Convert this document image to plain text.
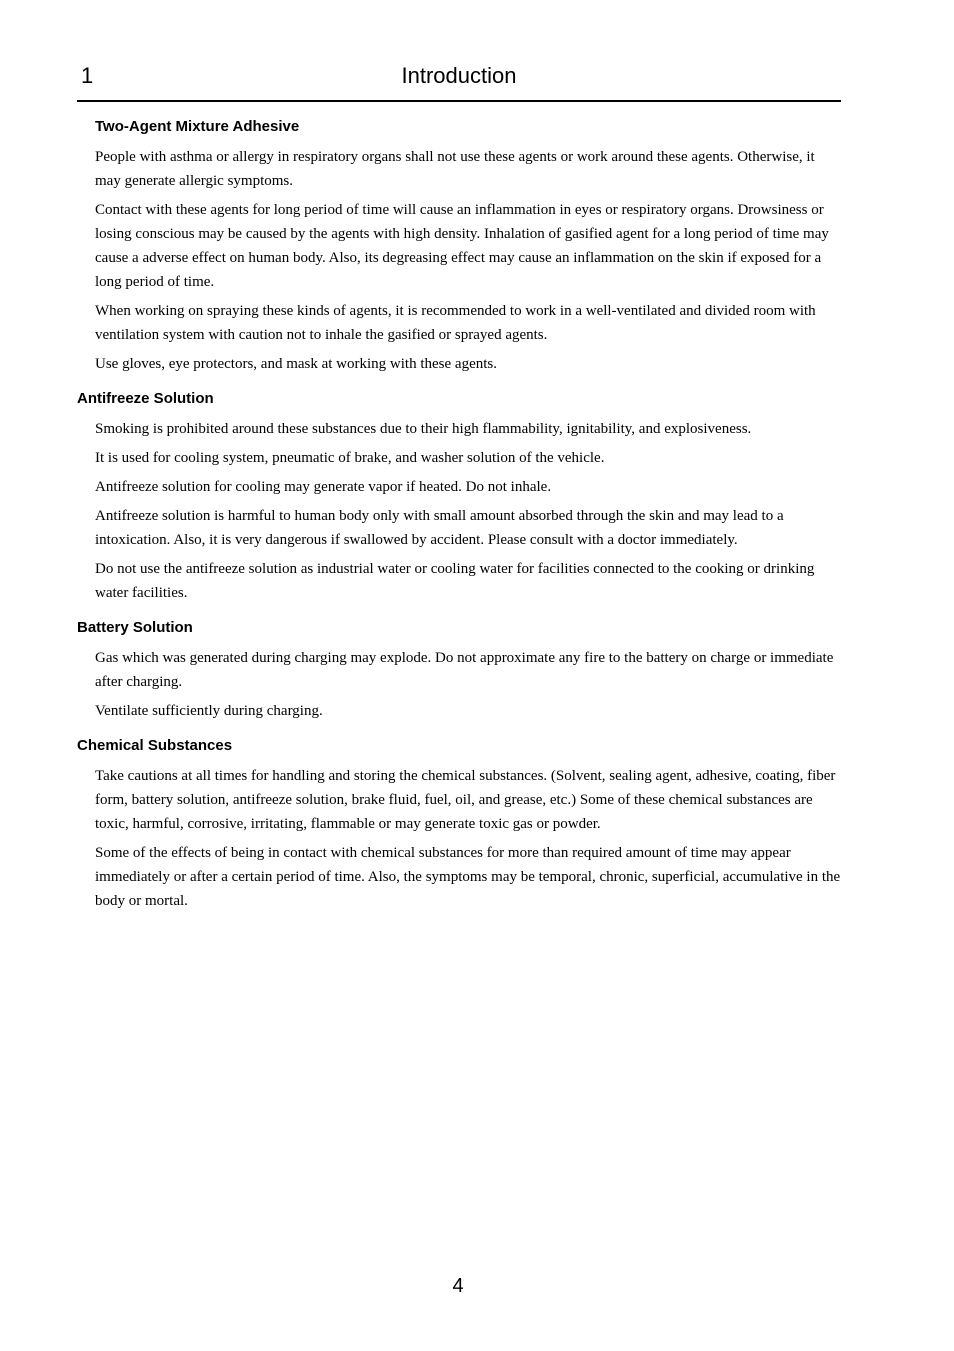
1	Introduction
Two-Agent Mixture Adhesive

People with asthma or allergy in respiratory organs shall not use these agents or work around these agents. Otherwise, it may generate allergic symptoms.

Contact with these agents for long period of time will cause an inflammation in eyes or respiratory organs. Drowsiness or losing conscious may be caused by the agents with high density. Inhalation of gasified agent for a long period of time may cause a adverse effect on human body. Also, its degreasing effect may cause an inflammation on the skin if exposed for a long period of time.

When working on spraying these kinds of agents, it is recommended to work in a well-ventilated and divided room with ventilation system with caution not to inhale the gasified or sprayed agents.

Use gloves, eye protectors, and mask at working with these agents.

Antifreeze Solution

Smoking is prohibited around these substances due to their high flammability, ignitability, and explosiveness.

It is used for cooling system, pneumatic of brake, and washer solution of the vehicle.

Antifreeze solution for cooling may generate vapor if heated. Do not inhale.

Antifreeze solution is harmful to human body only with small amount absorbed through the skin and may lead to a intoxication. Also, it is very dangerous if swallowed by accident. Please consult with a doctor immediately.

Do not use the antifreeze solution as industrial water or cooling water for facilities connected to the cooking or drinking water facilities.

Battery Solution

Gas which was generated during charging may explode. Do not approximate any fire to the battery on charge or immediate after charging.

Ventilate sufficiently during charging.

Chemical Substances

Take cautions at all times for handling and storing the chemical substances. (Solvent, sealing agent, adhesive, coating, fiber form, battery solution, antifreeze solution, brake fluid, fuel, oil, and grease, etc.) Some of these chemical substances are toxic, harmful, corrosive, irritating, flammable or may generate toxic gas or powder.

Some of the effects of being in contact with chemical substances for more than required amount of time may appear immediately or after a certain period of time. Also, the symptoms may be temporal, chronic, superficial, accumulative in the body or mortal.

4
